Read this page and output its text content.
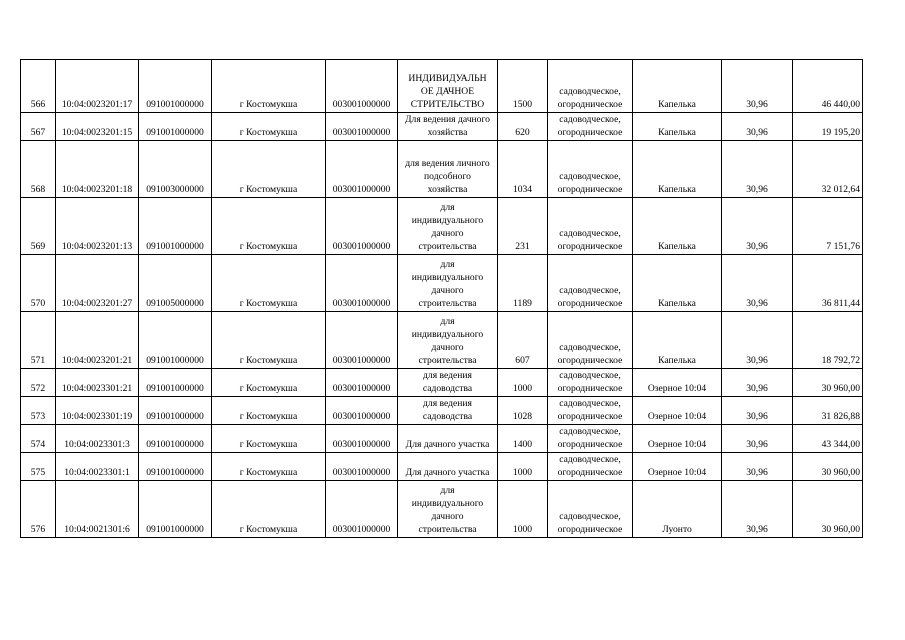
566	10:04:0023201:17	091001000000	г Костомукша	003001000000	ИНДИВИДУАЛЬН
ОЕ ДАЧНОЕ
СТРИТЕЛЬСТВО	1500	садоводческое,
огородническое	Капелька	30,96	46 440,00
567	10:04:0023201:15	091001000000	г Костомукша	003001000000	Для ведения дачного
хозяйства	620	садоводческое,
огородническое	Капелька	30,96	19 195,20
568	10:04:0023201:18	091003000000	г Костомукша	003001000000	для ведения личного
подсобного
хозяйства	1034	садоводческое,
огородническое	Капелька	30,96	32 012,64
569	10:04:0023201:13	091001000000	г Костомукша	003001000000	для
индивидуального
дачного
строительства	231	садоводческое,
огородническое	Капелька	30,96	7 151,76
570	10:04:0023201:27	091005000000	г Костомукша	003001000000	для
индивидуального
дачного
строительства	1189	садоводческое,
огородническое	Капелька	30,96	36 811,44
571	10:04:0023201:21	091001000000	г Костомукша	003001000000	для
индивидуального
дачного
строительства	607	садоводческое,
огородническое	Капелька	30,96	18 792,72
572	10:04:0023301:21	091001000000	г Костомукша	003001000000	для ведения
садоводства	1000	садоводческое,
огородническое	Озерное 10:04	30,96	30 960,00
573	10:04:0023301:19	091001000000	г Костомукша	003001000000	для ведения
садоводства	1028	садоводческое,
огородническое	Озерное 10:04	30,96	31 826,88
574	10:04:0023301:3	091001000000	г Костомукша	003001000000	Для дачного участка	1400	садоводческое,
огородническое	Озерное 10:04	30,96	43 344,00
575	10:04:0023301:1	091001000000	г Костомукша	003001000000	Для дачного участка	1000	садоводческое,
огородническое	Озерное 10:04	30,96	30 960,00
576	10:04:0021301:6	091001000000	г Костомукша	003001000000	для
индивидуального
дачного
строительства	1000	садоводческое,
огородническое	Луонто	30,96	30 960,00
